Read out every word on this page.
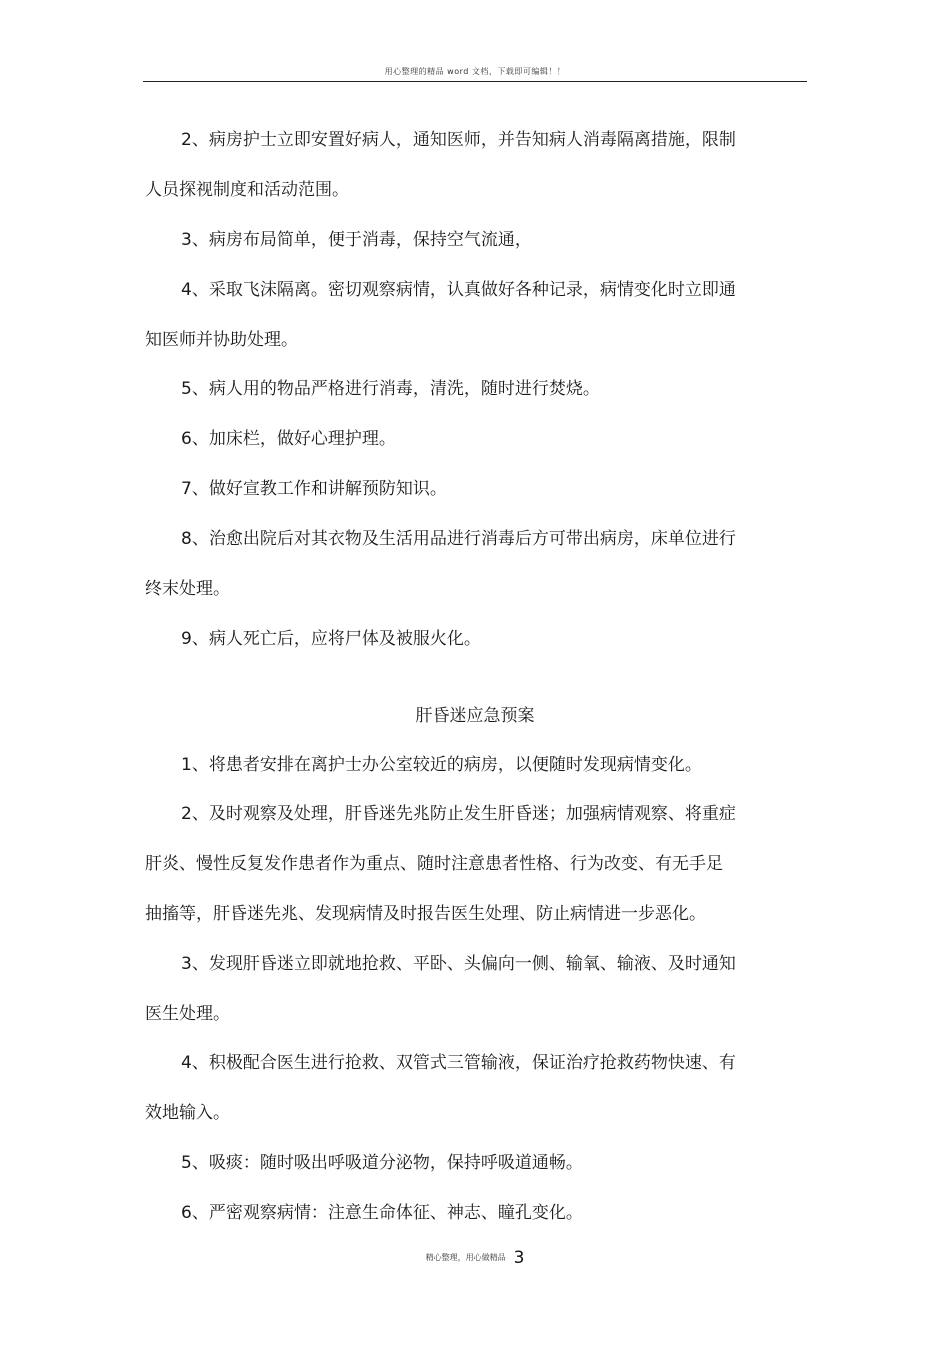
用心整理的精品 word 文档，下载即可编辑！！
2、病房护士立即安置好病人，通知医师，并告知病人消毒隔离措施，限制
人员探视制度和活动范围。
3、病房布局简单，便于消毒，保持空气流通，
4、采取飞沫隔离。密切观察病情，认真做好各种记录，病情变化时立即通
知医师并协助处理。
5、病人用的物品严格进行消毒，清洗，随时进行焚烧。
6、加床栏，做好心理护理。
7、做好宣教工作和讲解预防知识。
8、治愈出院后对其衣物及生活用品进行消毒后方可带出病房，床单位进行
终末处理。
9、病人死亡后，应将尸体及被服火化。
肝昏迷应急预案
1、将患者安排在离护士办公室较近的病房，以便随时发现病情变化。
2、及时观察及处理，肝昏迷先兆防止发生肝昏迷；加强病情观察、将重症
肝炎、慢性反复发作患者作为重点、随时注意患者性格、行为改变、有无手足
抽搐等，肝昏迷先兆、发现病情及时报告医生处理、防止病情进一步恶化。
3、发现肝昏迷立即就地抢救、平卧、头偏向一侧、输氧、输液、及时通知
医生处理。
4、积极配合医生进行抢救、双管式三管输液，保证治疗抢救药物快速、有
效地输入。
5、吸痰：随时吸出呼吸道分泌物，保持呼吸道通畅。
6、严密观察病情：注意生命体征、神志、瞳孔变化。
精心整理，用心做精品 3
